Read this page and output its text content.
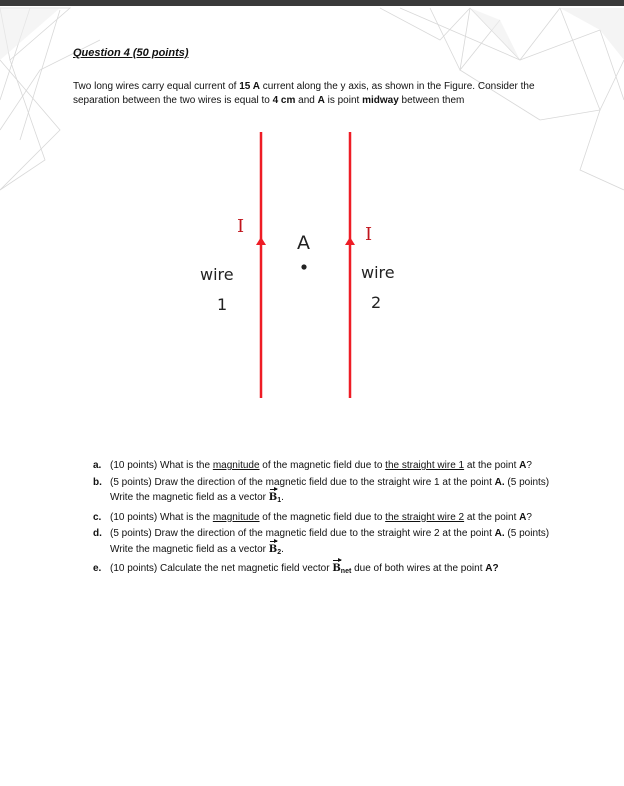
Question 4 (50 points)
Two long wires carry equal current of 15 A current along the y axis, as shown in the Figure. Consider the separation between the two wires is equal to 4 cm and A is point midway between them
I	I
A
wire
1
wire
2
a. (10 points) What is the magnitude of the magnetic field due to the straight wire 1 at the point A?
b. (5 points) Draw the direction of the magnetic field due to the straight wire 1 at the point A. (5 points) Write the magnetic field as a vector $B_1$.
c. (10 points) What is the magnitude of the magnetic field due to the straight wire 2 at the point A?
d. (5 points) Draw the direction of the magnetic field due to the straight wire 2 at the point A. (5 points) Write the magnetic field as a vector $B_2$.
e. (10 points) Calculate the net magnetic field vector $B_{net}$ due of both wires at the point A?
